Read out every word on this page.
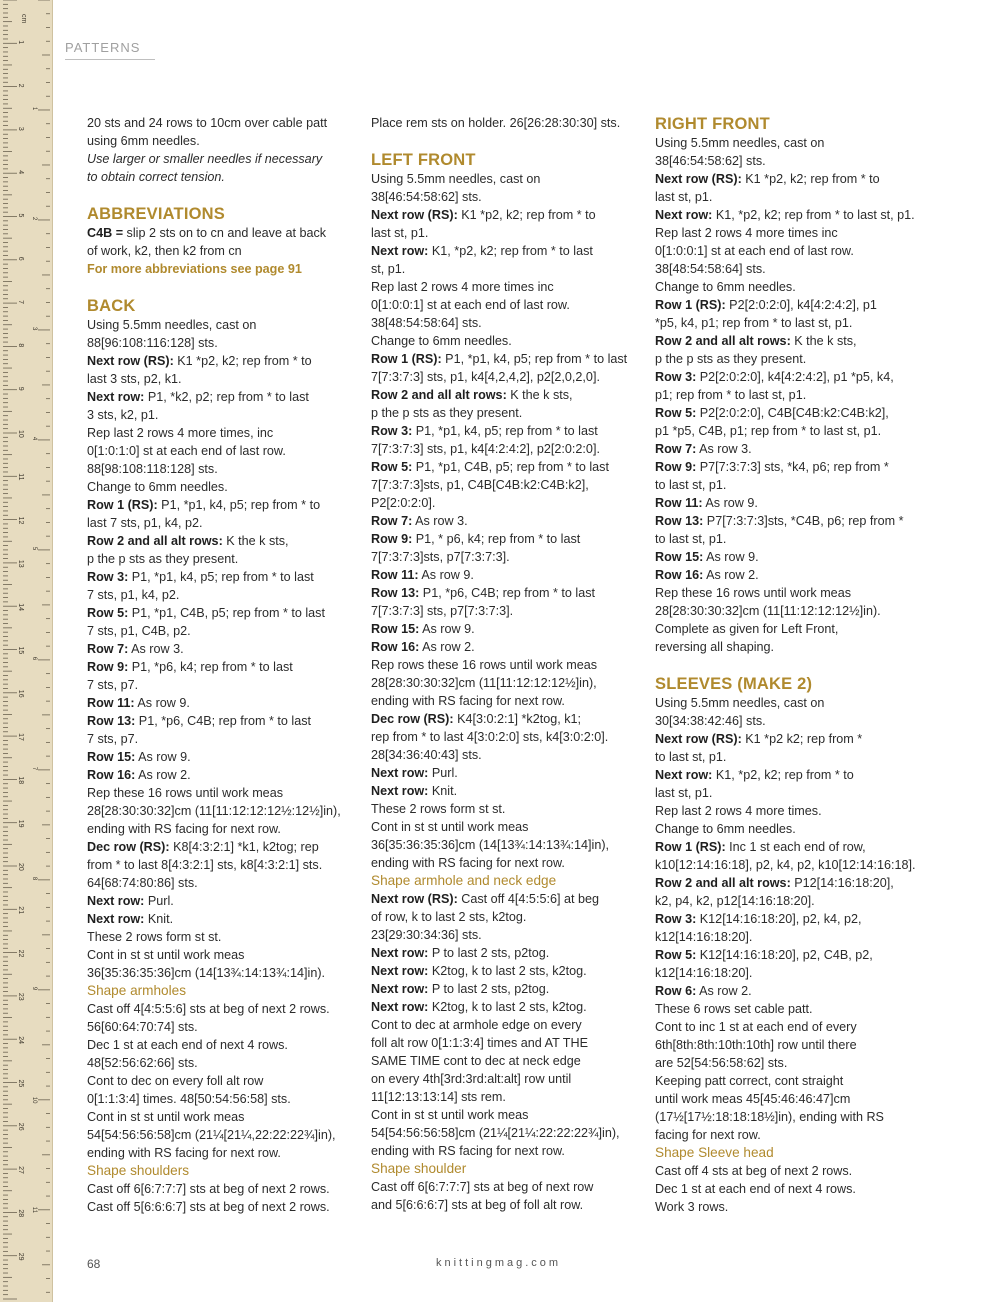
cm
1
2
3
4
5
6
7
8
9
10
11
12
13
14
15
16
17
18
19
20
21
22
23
24
25
26
27
28
29
1
2
3
4
5
6
7
8
9
10
11
PATTERNS

20 sts and 24 rows to 10cm over cable patt

using 6mm needles.

Use larger or smaller needles if necessary

to obtain correct tension.

ABBREVIATIONS

C4B = slip 2 sts on to cn and leave at back

of work, k2, then k2 from cn

For more abbreviations see page 91

BACK

Using 5.5mm needles, cast on

88[96:108:116:128] sts.

Next row (RS): K1 *p2, k2; rep from * to

last 3 sts, p2, k1.

Next row: P1, *k2, p2; rep from * to last

3 sts, k2, p1.

Rep last 2 rows 4 more times, inc

0[1:0:1:0] st at each end of last row.

88[98:108:118:128] sts.

Change to 6mm needles.

Row 1 (RS): P1, *p1, k4, p5; rep from * to

last 7 sts, p1, k4, p2.

Row 2 and all alt rows: K the k sts,

p the p sts as they present.

Row 3: P1, *p1, k4, p5; rep from * to last

7 sts, p1, k4, p2.

Row 5: P1, *p1, C4B, p5; rep from * to last

7 sts, p1, C4B, p2.

Row 7: As row 3.

Row 9: P1, *p6, k4; rep from * to last

7 sts, p7.

Row 11: As row 9.

Row 13: P1, *p6, C4B; rep from * to last

7 sts, p7.

Row 15: As row 9.

Row 16: As row 2.

Rep these 16 rows until work meas

28[28:30:30:32]cm (11[11:12:12:12½:12½]in),

ending with RS facing for next row.

Dec row (RS): K8[4:3:2:1] *k1, k2tog; rep

from * to last 8[4:3:2:1] sts, k8[4:3:2:1] sts.

64[68:74:80:86] sts.

Next row: Purl.

Next row: Knit.

These 2 rows form st st.

Cont in st st until work meas

36[35:36:35:36]cm (14[13¾:14:13¾:14]in).

Shape armholes

Cast off 4[4:5:5:6] sts at beg of next 2 rows.

56[60:64:70:74] sts.

Dec 1 st at each end of next 4 rows.

48[52:56:62:66] sts.

Cont to dec on every foll alt row

0[1:1:3:4] times. 48[50:54:56:58] sts.

Cont in st st until work meas

54[54:56:56:58]cm (21¼[21¼,22:22:22¾]in),

ending with RS facing for next row.

Shape shoulders

Cast off 6[6:7:7:7] sts at beg of next 2 rows.

Cast off 5[6:6:6:7] sts at beg of next 2 rows.

Place rem sts on holder. 26[26:28:30:30] sts.

LEFT FRONT

Using 5.5mm needles, cast on

38[46:54:58:62] sts.

Next row (RS): K1 *p2, k2; rep from * to

last st, p1.

Next row: K1, *p2, k2; rep from * to last

st, p1.

Rep last 2 rows 4 more times inc

0[1:0:0:1] st at each end of last row.

38[48:54:58:64] sts.

Change to 6mm needles.

Row 1 (RS): P1, *p1, k4, p5; rep from * to last

7[7:3:7:3] sts, p1, k4[4,2,4,2], p2[2,0,2,0].

Row 2 and all alt rows: K the k sts,

p the p sts as they present.

Row 3: P1, *p1, k4, p5; rep from * to last

7[7:3:7:3] sts, p1, k4[4:2:4:2], p2[2:0:2:0].

Row 5: P1, *p1, C4B, p5; rep from * to last

7[7:3:7:3]sts, p1, C4B[C4B:k2:C4B:k2],

P2[2:0:2:0].

Row 7: As row 3.

Row 9: P1, * p6, k4; rep from * to last

7[7:3:7:3]sts, p7[7:3:7:3].

Row 11: As row 9.

Row 13: P1, *p6, C4B; rep from * to last

7[7:3:7:3] sts, p7[7:3:7:3].

Row 15: As row 9.

Row 16: As row 2.

Rep rows these 16 rows until work meas

28[28:30:30:32]cm (11[11:12:12:12½]in),

ending with RS facing for next row.

Dec row (RS): K4[3:0:2:1] *k2tog, k1;

rep from * to last 4[3:0:2:0] sts, k4[3:0:2:0].

28[34:36:40:43] sts.

Next row: Purl.

Next row: Knit.

These 2 rows form st st.

Cont in st st until work meas

36[35:36:35:36]cm (14[13¾:14:13¾:14]in),

ending with RS facing for next row.

Shape armhole and neck edge

Next row (RS): Cast off 4[4:5:5:6] at beg

of row, k to last 2 sts, k2tog.

23[29:30:34:36] sts.

Next row: P to last 2 sts, p2tog.

Next row: K2tog, k to last 2 sts, k2tog.

Next row: P to last 2 sts, p2tog.

Next row: K2tog, k to last 2 sts, k2tog.

Cont to dec at armhole edge on every

foll alt row 0[1:1:3:4] times and AT THE

SAME TIME cont to dec at neck edge

on every 4th[3rd:3rd:alt:alt] row until

11[12:13:13:14] sts rem.

Cont in st st until work meas

54[54:56:56:58]cm (21¼[21¼:22:22:22¾]in),

ending with RS facing for next row.

Shape shoulder

Cast off 6[6:7:7:7] sts at beg of next row

and 5[6:6:6:7] sts at beg of foll alt row.

RIGHT FRONT

Using 5.5mm needles, cast on

38[46:54:58:62] sts.

Next row (RS): K1 *p2, k2; rep from * to

last st, p1.

Next row: K1, *p2, k2; rep from * to last st, p1.

Rep last 2 rows 4 more times inc

0[1:0:0:1] st at each end of last row.

38[48:54:58:64] sts.

Change to 6mm needles.

Row 1 (RS): P2[2:0:2:0], k4[4:2:4:2], p1

*p5, k4, p1; rep from * to last st, p1.

Row 2 and all alt rows: K the k sts,

p the p sts as they present.

Row 3: P2[2:0:2:0], k4[4:2:4:2], p1 *p5, k4,

p1; rep from * to last st, p1.

Row 5: P2[2:0:2:0], C4B[C4B:k2:C4B:k2],

p1 *p5, C4B, p1; rep from * to last st, p1.

Row 7: As row 3.

Row 9: P7[7:3:7:3] sts, *k4, p6; rep from *

to last st, p1.

Row 11: As row 9.

Row 13: P7[7:3:7:3]sts, *C4B, p6; rep from *

to last st, p1.

Row 15: As row 9.

Row 16: As row 2.

Rep these 16 rows until work meas

28[28:30:30:32]cm (11[11:12:12:12½]in).

Complete as given for Left Front,

reversing all shaping.

SLEEVES (MAKE 2)

Using 5.5mm needles, cast on

30[34:38:42:46] sts.

Next row (RS): K1 *p2 k2; rep from *

to last st, p1.

Next row: K1, *p2, k2; rep from * to

last st, p1.

Rep last 2 rows 4 more times.

Change to 6mm needles.

Row 1 (RS): Inc 1 st each end of row,

k10[12:14:16:18], p2, k4, p2, k10[12:14:16:18].

Row 2 and all alt rows: P12[14:16:18:20],

k2, p4, k2, p12[14:16:18:20].

Row 3: K12[14:16:18:20], p2, k4, p2,

k12[14:16:18:20].

Row 5: K12[14:16:18:20], p2, C4B, p2,

k12[14:16:18:20].

Row 6: As row 2.

These 6 rows set cable patt.

Cont to inc 1 st at each end of every

6th[8th:8th:10th:10th] row until there

are 52[54:56:58:62] sts.

Keeping patt correct, cont straight

until work meas 45[45:46:46:47]cm

(17½[17½:18:18:18½]in), ending with RS

facing for next row.

Shape Sleeve head

Cast off 4 sts at beg of next 2 rows.

Dec 1 st at each end of next 4 rows.

Work 3 rows.

68	knittingmag.com
